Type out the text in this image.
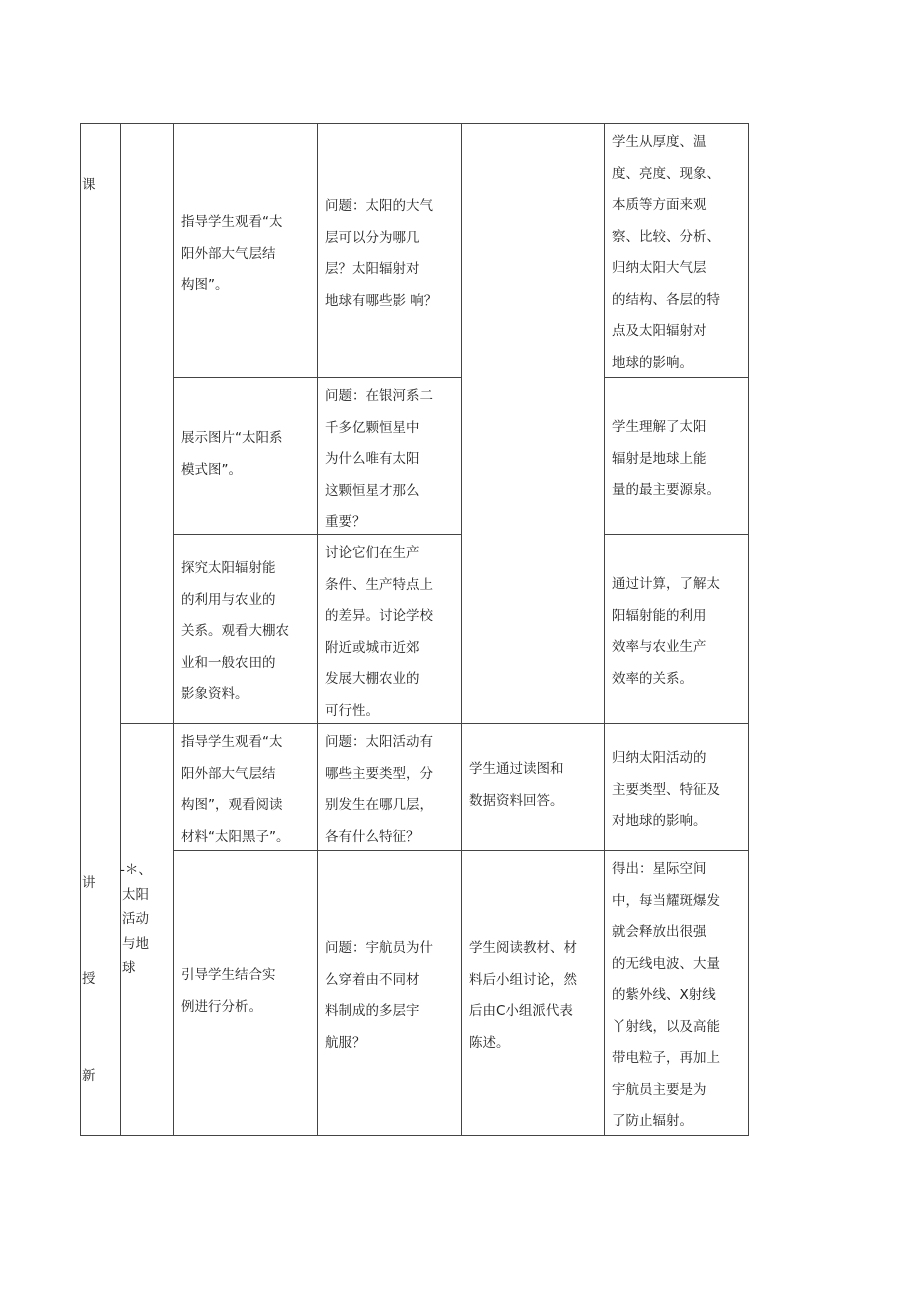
课
讲
授
新
-＊、
太阳
活动
与地
球
指导学生观看“太
阳外部大气层结
构图”。
问题：太阳的大气
层可以分为哪几
层？太阳辐射对
地球有哪些影 响？
学生从厚度、温
度、亮度、现象、
本质等方面来观
察、比较、分析、
归纳太阳大气层
的结构、各层的特
点及太阳辐射对
地球的影响。
展示图片“太阳系
模式图”。
问题：在银河系二
千多亿颗恒星中
为什么唯有太阳
这颗恒星才那么
重要？
学生理解了太阳
辐射是地球上能
量的最主要源泉。
探究太阳辐射能
的利用与农业的
关系。观看大棚农
业和一般农田的
影象资料。
讨论它们在生产
条件、生产特点上
的差异。讨论学校
附近或城市近郊
发展大棚农业的
可行性。
通过计算，了解太
阳辐射能的利用
效率与农业生产
效率的关系。
指导学生观看“太
阳外部大气层结
构图”，观看阅读
材料“太阳黑子”。
问题：太阳活动有
哪些主要类型，分
别发生在哪几层，
各有什么特征？
学生通过读图和
数据资料回答。
归纳太阳活动的
主要类型、特征及
对地球的影响。
引导学生结合实
例进行分析。
问题：宇航员为什
么穿着由不同材
料制成的多层宇
航服？
学生阅读教材、材
料后小组讨论，然
后由C小组派代表
陈述。
得出：星际空间
中，每当耀斑爆发
就会释放出很强
的无线电波、大量
的紫外线、X射线
丫射线，以及高能
带电粒子，再加上
宇航员主要是为
了防止辐射。
